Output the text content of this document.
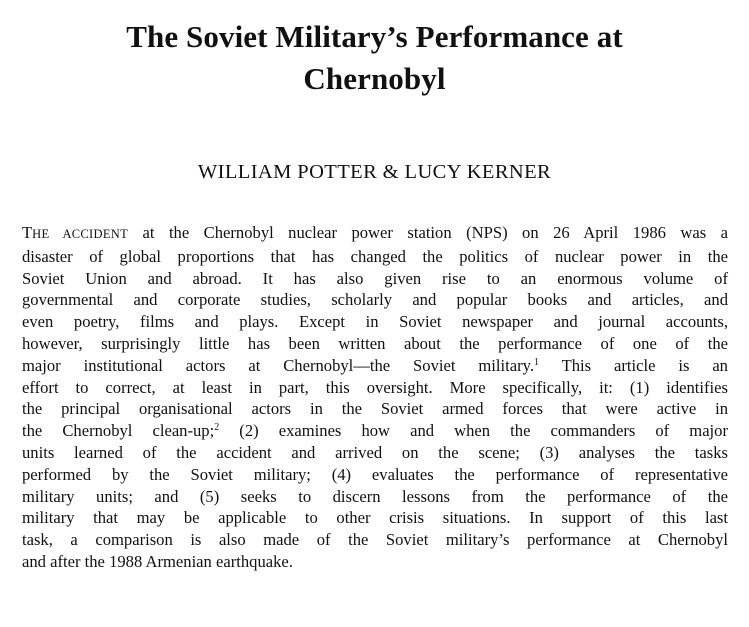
The Soviet Military’s Performance at
Chernobyl

WILLIAM POTTER & LUCY KERNER

THE ACCIDENT at the Chernobyl nuclear power station (NPS) on 26 April 1986 was a
disaster of global proportions that has changed the politics of nuclear power in the
Soviet Union and abroad. It has also given rise to an enormous volume of
governmental and corporate studies, scholarly and popular books and articles, and
even poetry, films and plays. Except in Soviet newspaper and journal accounts,
however, surprisingly little has been written about the performance of one of the
major institutional actors at Chernobyl—the Soviet military.$^1$ This article is an
effort to correct, at least in part, this oversight. More specifically, it: (1) identifies
the principal organisational actors in the Soviet armed forces that were active in
the Chernobyl clean-up;$^2$ (2) examines how and when the commanders of major
units learned of the accident and arrived on the scene; (3) analyses the tasks
performed by the Soviet military; (4) evaluates the performance of representative
military units; and (5) seeks to discern lessons from the performance of the
military that may be applicable to other crisis situations. In support of this last
task, a comparison is also made of the Soviet military’s performance at Chernobyl
and after the 1988 Armenian earthquake.
